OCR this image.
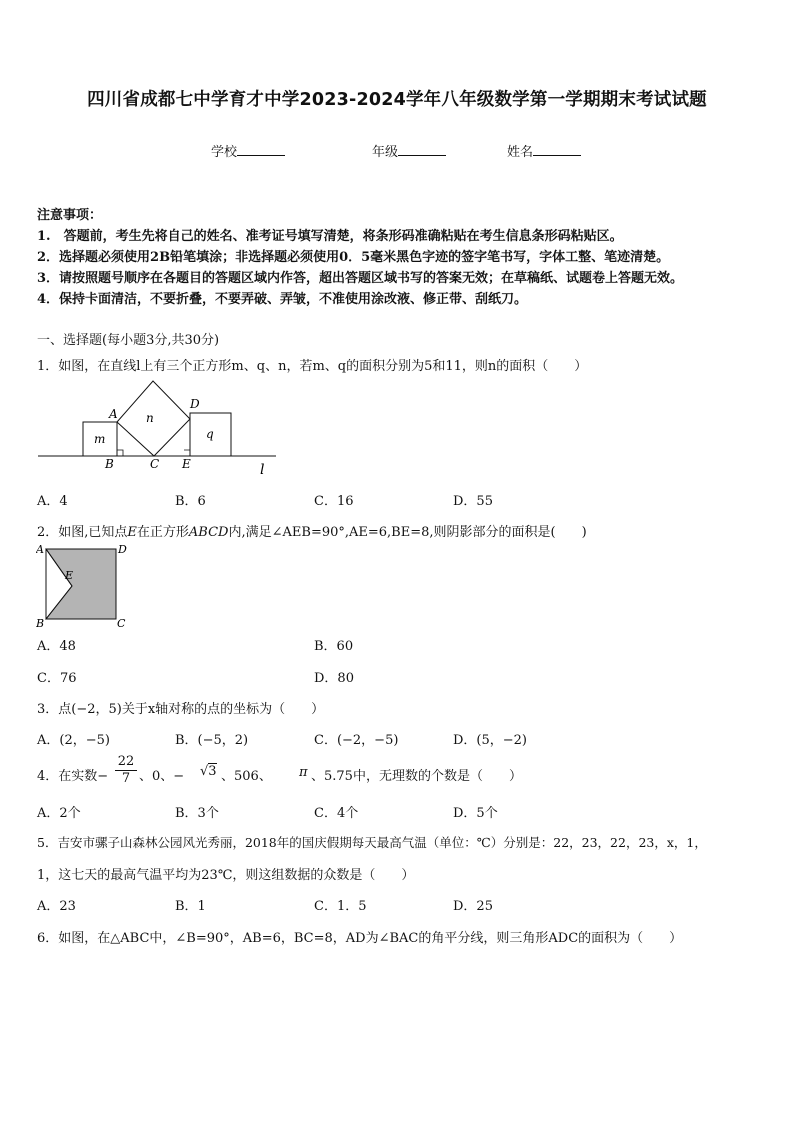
四川省成都七中学育才中学2023-2024学年八年级数学第一学期期末考试试题
学校	年级	姓名
注意事项：
1.　答题前，考生先将自己的姓名、准考证号填写清楚，将条形码准确粘贴在考生信息条形码粘贴区。
2．选择题必须使用2B铅笔填涂；非选择题必须使用0．5毫米黑色字迹的签字笔书写，字体工整、笔迹清楚。
3．请按照题号顺序在各题目的答题区域内作答，超出答题区域书写的答案无效；在草稿纸、试题卷上答题无效。
4．保持卡面清洁，不要折叠，不要弄破、弄皱，不准使用涂改液、修正带、刮纸刀。
一、选择题(每小题3分,共30分)
1．如图，在直线l上有三个正方形m、q、n，若m、q的面积分别为5和11，则n的面积（　　）
A
B	C
D
E
m
n
q
l
A．4	B．6	C．16	D．55
2．如图,已知点E在正方形ABCD内,满足∠AEB=90°,AE=6,BE=8,则阴影部分的面积是(　　)
A	D
B	C
E
A．48	B．60
C．76	D．80
3．点(−2，5)关于x轴对称的点的坐标为（　　）
A．(2，−5)	B．(−5，2)	C．(−2，−5)	D．(5，−2)
4．在实数− $\frac{22}{7}$ 、0、− √3 、506、 π 、5.75中，无理数的个数是（　　）
A．2个	B．3个	C．4个	D．5个
5．吉安市骡子山森林公园风光秀丽，2018年的国庆假期每天最高气温（单位：℃）分别是：22，23，22，23，x，1，
1，这七天的最高气温平均为23℃，则这组数据的众数是（　　）
A．23	B．1	C．1．5	D．25
6．如图，在△ABC中，∠B=90°，AB=6，BC=8，AD为∠BAC的角平分线，则三角形ADC的面积为（　　）
